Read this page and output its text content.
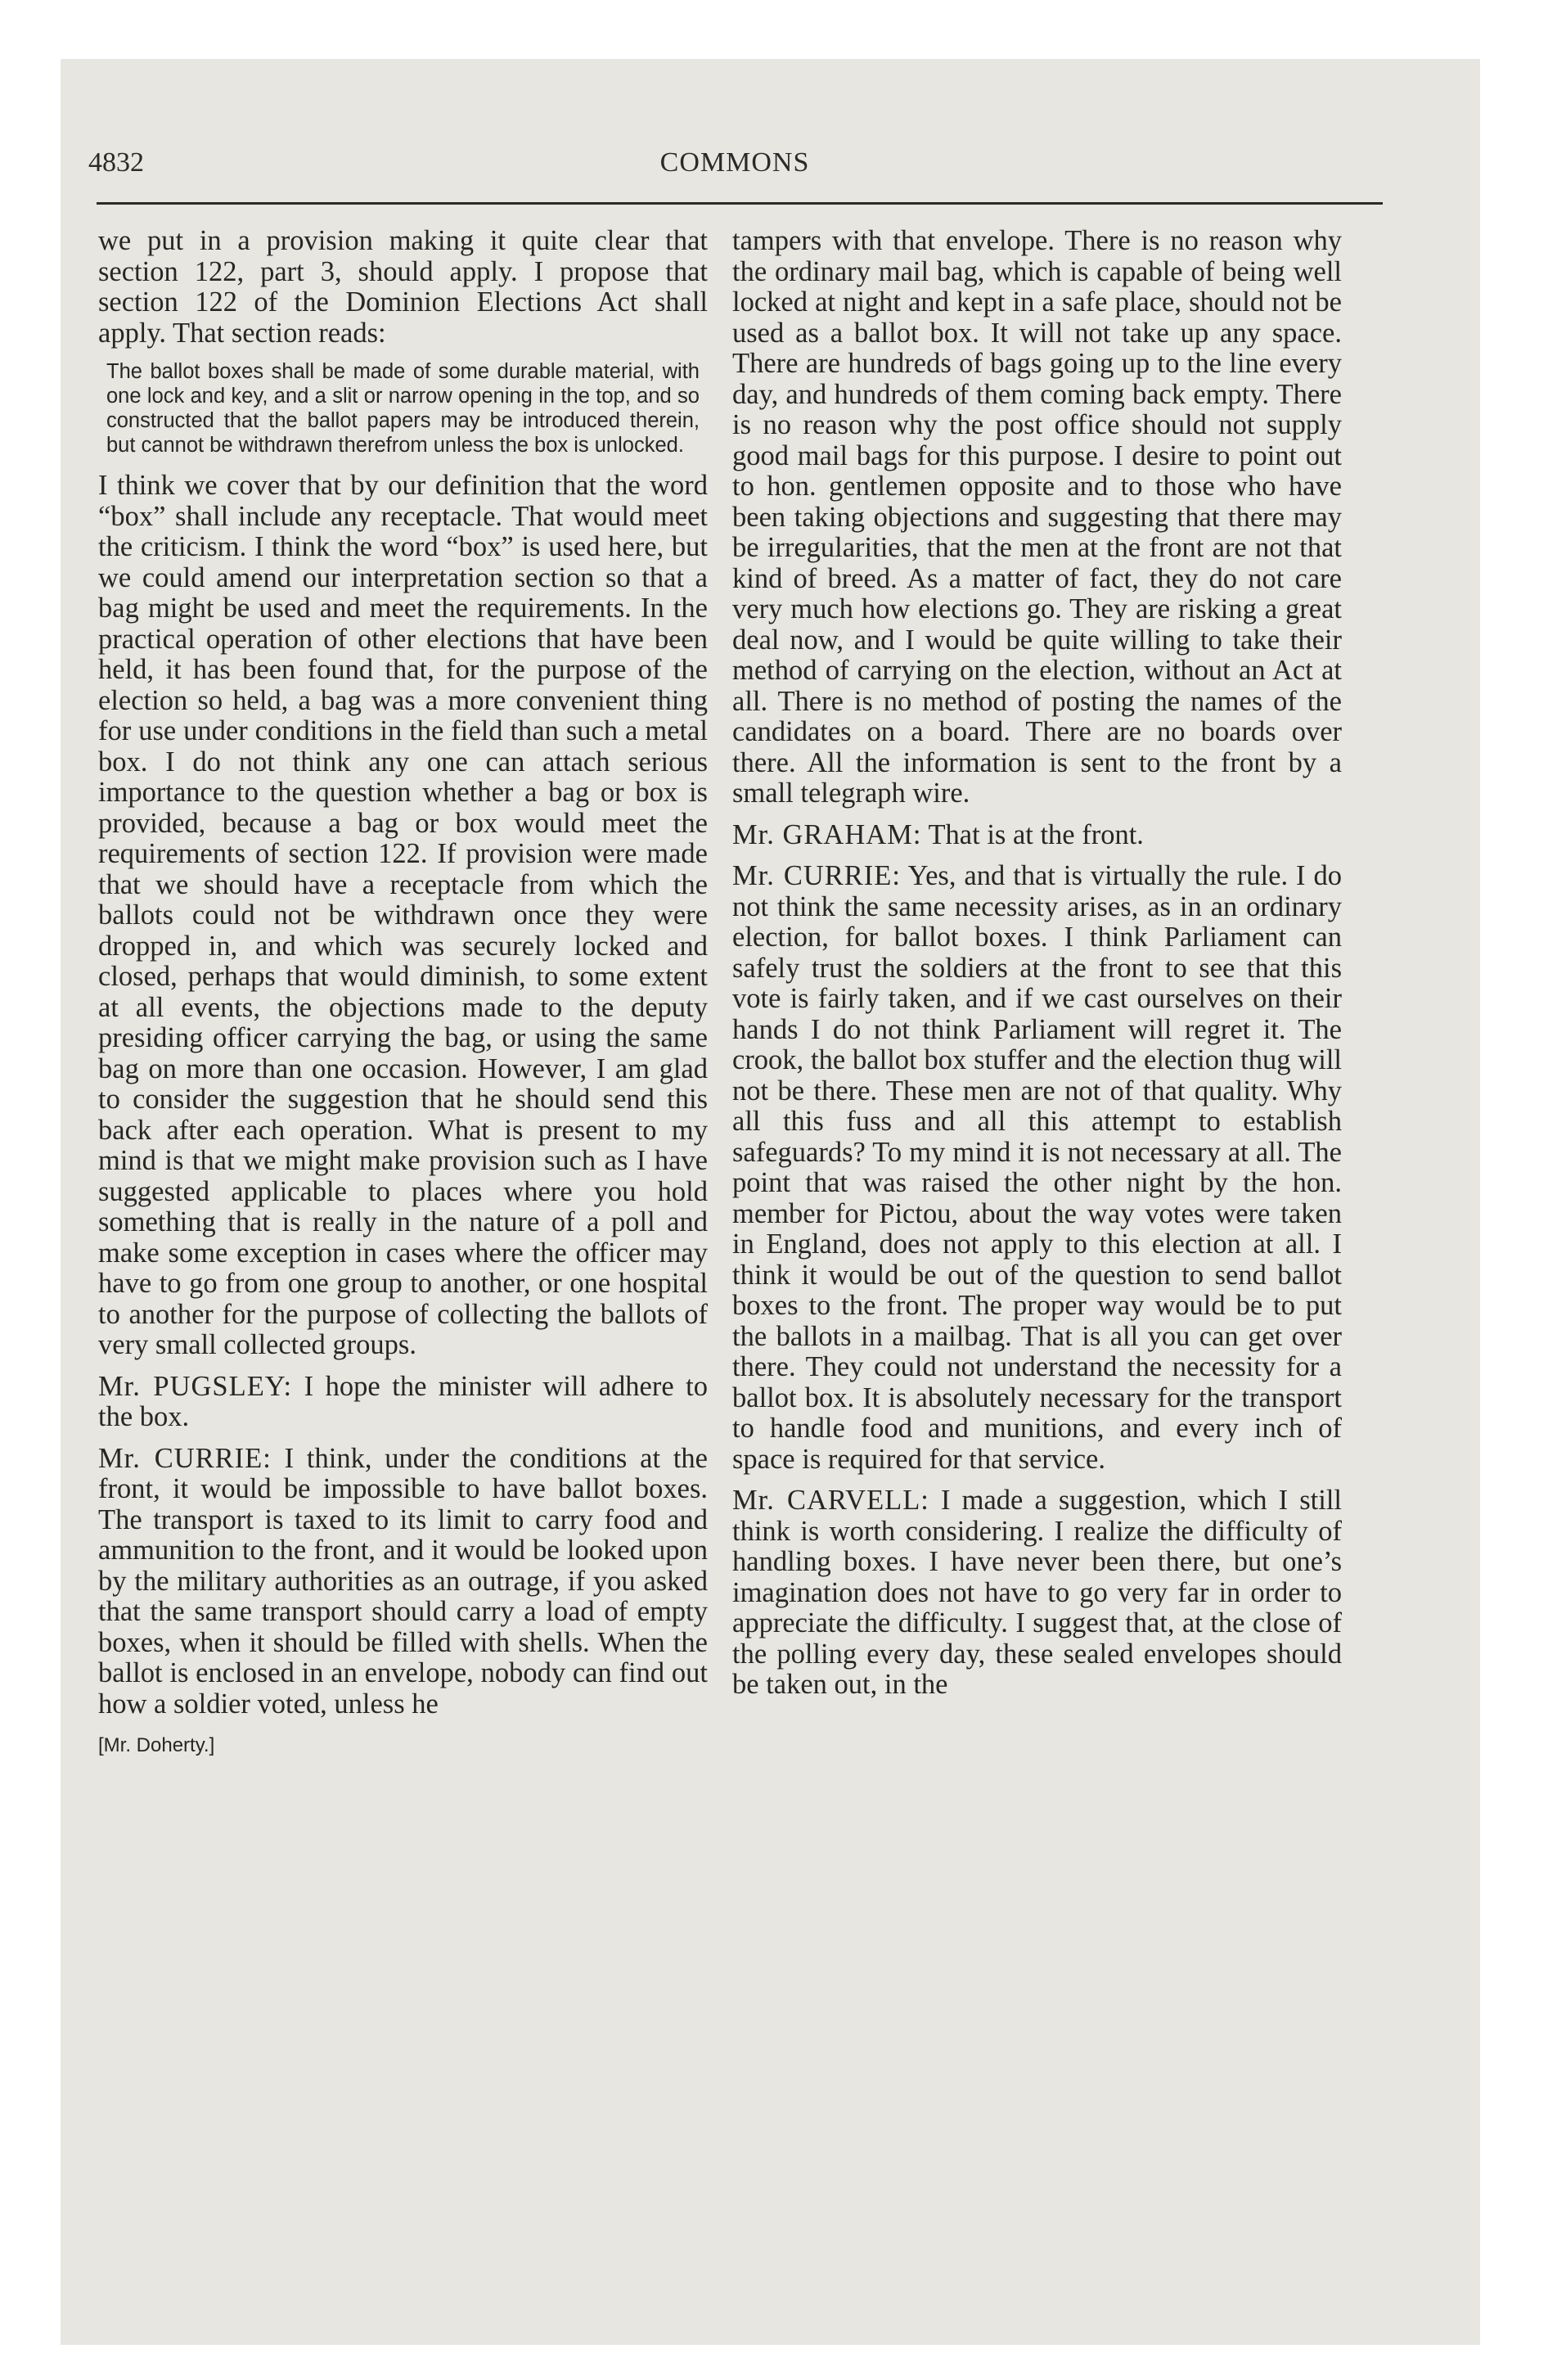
4832	COMMONS

we put in a provision making it quite clear that section 122, part 3, should apply. I propose that section 122 of the Dominion Elections Act shall apply. That section reads:

The ballot boxes shall be made of some durable material, with one lock and key, and a slit or narrow opening in the top, and so constructed that the ballot papers may be introduced therein, but cannot be withdrawn therefrom unless the box is unlocked.

I think we cover that by our definition that the word “box” shall include any receptacle. That would meet the criticism. I think the word “box” is used here, but we could amend our interpretation section so that a bag might be used and meet the requirements. In the practical operation of other elections that have been held, it has been found that, for the purpose of the election so held, a bag was a more convenient thing for use under conditions in the field than such a metal box. I do not think any one can attach serious importance to the question whether a bag or box is provided, because a bag or box would meet the requirements of section 122. If provision were made that we should have a receptacle from which the ballots could not be withdrawn once they were dropped in, and which was securely locked and closed, perhaps that would diminish, to some extent at all events, the objections made to the deputy presiding officer carrying the bag, or using the same bag on more than one occasion. However, I am glad to consider the suggestion that he should send this back after each operation. What is present to my mind is that we might make provision such as I have suggested applicable to places where you hold something that is really in the nature of a poll and make some exception in cases where the officer may have to go from one group to another, or one hospital to another for the purpose of collecting the ballots of very small collected groups.

Mr. PUGSLEY: I hope the minister will adhere to the box.

Mr. CURRIE: I think, under the conditions at the front, it would be impossible to have ballot boxes. The transport is taxed to its limit to carry food and ammunition to the front, and it would be looked upon by the military authorities as an outrage, if you asked that the same transport should carry a load of empty boxes, when it should be filled with shells. When the ballot is enclosed in an envelope, nobody can find out how a soldier voted, unless he

[Mr. Doherty.]

tampers with that envelope. There is no reason why the ordinary mail bag, which is capable of being well locked at night and kept in a safe place, should not be used as a ballot box. It will not take up any space. There are hundreds of bags going up to the line every day, and hundreds of them coming back empty. There is no reason why the post office should not supply good mail bags for this purpose. I desire to point out to hon. gentlemen opposite and to those who have been taking objections and suggesting that there may be irregularities, that the men at the front are not that kind of breed. As a matter of fact, they do not care very much how elections go. They are risking a great deal now, and I would be quite willing to take their method of carrying on the election, without an Act at all. There is no method of posting the names of the candidates on a board. There are no boards over there. All the information is sent to the front by a small telegraph wire.

Mr. GRAHAM: That is at the front.

Mr. CURRIE: Yes, and that is virtually the rule. I do not think the same necessity arises, as in an ordinary election, for ballot boxes. I think Parliament can safely trust the soldiers at the front to see that this vote is fairly taken, and if we cast ourselves on their hands I do not think Parliament will regret it. The crook, the ballot box stuffer and the election thug will not be there. These men are not of that quality. Why all this fuss and all this attempt to establish safeguards? To my mind it is not necessary at all. The point that was raised the other night by the hon. member for Pictou, about the way votes were taken in England, does not apply to this election at all. I think it would be out of the question to send ballot boxes to the front. The proper way would be to put the ballots in a mailbag. That is all you can get over there. They could not understand the necessity for a ballot box. It is absolutely necessary for the transport to handle food and munitions, and every inch of space is required for that service.

Mr. CARVELL: I made a suggestion, which I still think is worth considering. I realize the difficulty of handling boxes. I have never been there, but one’s imagination does not have to go very far in order to appreciate the difficulty. I suggest that, at the close of the polling every day, these sealed envelopes should be taken out, in the
